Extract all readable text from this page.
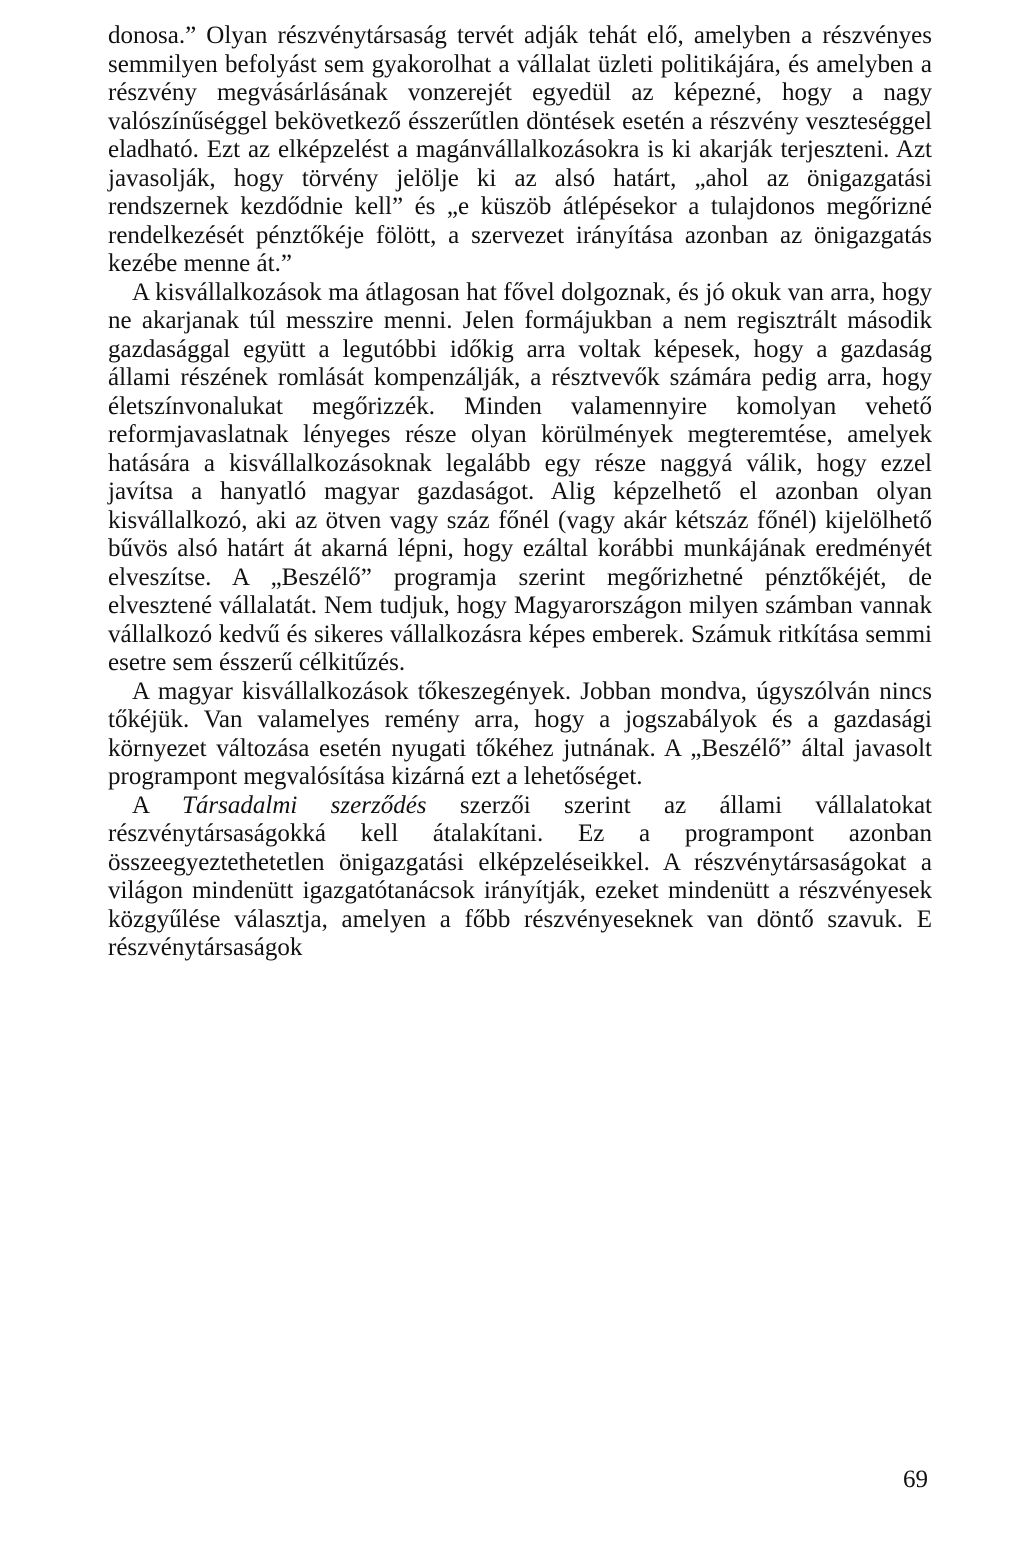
donosa.” Olyan részvénytársaság tervét adják tehát elő, amelyben a részvényes semmilyen befolyást sem gyakorolhat a vállalat üzleti politikájára, és amelyben a részvény megvásárlásának vonzerejét egyedül az képezné, hogy a nagy valószínűséggel bekövetkező ésszerűtlen döntések esetén a részvény veszteséggel eladható. Ezt az elképzelést a magánvállalkozásokra is ki akarják terjeszteni. Azt javasolják, hogy törvény jelölje ki az alsó határt, „ahol az önigazgatási rendszernek kezdődnie kell” és „e küszöb átlépésekor a tulajdonos megőrizné rendelkezését pénztőkéje fölött, a szervezet irányítása azonban az önigazgatás kezébe menne át.”

A kisvállalkozások ma átlagosan hat fővel dolgoznak, és jó okuk van arra, hogy ne akarjanak túl messzire menni. Jelen formájukban a nem regisztrált második gazdasággal együtt a legutóbbi időkig arra voltak képesek, hogy a gazdaság állami részének romlását kompenzálják, a résztvevők számára pedig arra, hogy életszínvonalukat megőrizzék. Minden valamennyire komolyan vehető reformjavaslatnak lényeges része olyan körülmények megteremtése, amelyek hatására a kisvállalkozásoknak legalább egy része naggyá válik, hogy ezzel javítsa a hanyatló magyar gazdaságot. Alig képzelhető el azonban olyan kisvállalkozó, aki az ötven vagy száz főnél (vagy akár kétszáz főnél) kijelölhető bűvös alsó határt át akarná lépni, hogy ezáltal korábbi munkájának eredményét elveszítse. A „Beszélő” programja szerint megőrizhetné pénztőkéjét, de elvesztené vállalatát. Nem tudjuk, hogy Magyarországon milyen számban vannak vállalkozó kedvű és sikeres vállalkozásra képes emberek. Számuk ritkítása semmi esetre sem ésszerű célkitűzés.

A magyar kisvállalkozások tőkeszegények. Jobban mondva, úgyszólván nincs tőkéjük. Van valamelyes remény arra, hogy a jogszabályok és a gazdasági környezet változása esetén nyugati tőkéhez jutnának. A „Beszélő” által javasolt programpont megvalósítása kizárná ezt a lehetőséget.

A Társadalmi szerződés szerzői szerint az állami vállalatokat részvénytársaságokká kell átalakítani. Ez a programpont azonban összeegyeztethetetlen önigazgatási elképzeléseikkel. A részvénytársaságokat a világon mindenütt igazgatótanácsok irányítják, ezeket mindenütt a részvényesek közgyűlése választja, amelyen a főbb részvényeseknek van döntő szavuk. E részvénytársaságok

69
